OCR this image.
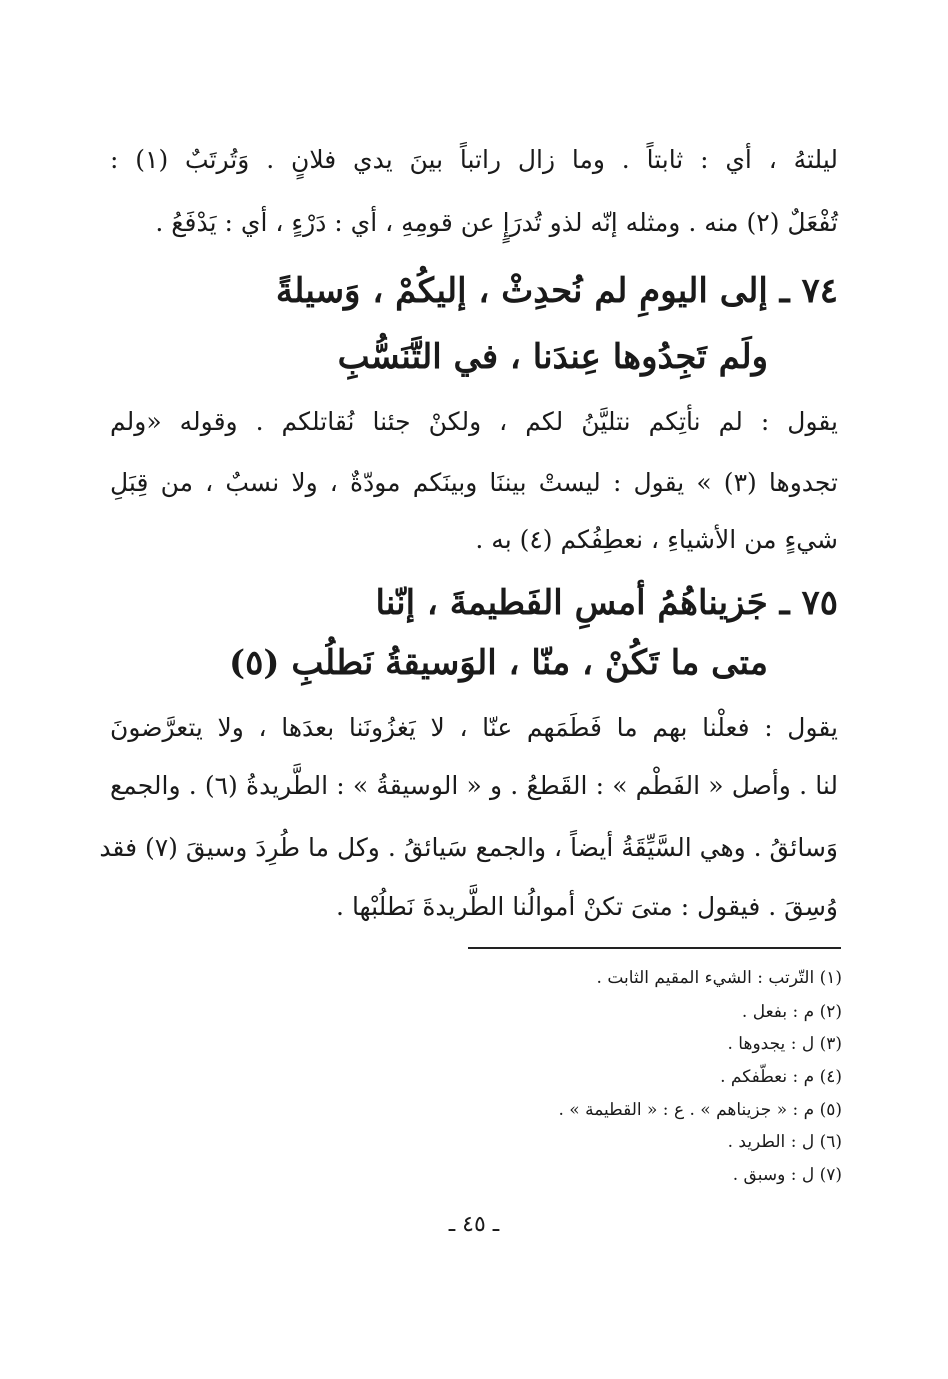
ليلتهُ ، أي : ثابتاً . وما زال راتباً بينَ يدي فلانٍ . وَتُرتَبٌ (١) :
تُفْعَلٌ (٢) منه . ومثله إنّه لذو تُدرَإٍ عن قومِهِ ، أي : دَرْءٍ ، أي : يَدْفَعُ .
٧٤ ـ إلى اليومِ لم نُحدِثْ ، إليكُمْ ، وَسيلةً
ولَم تَجِدُوها عِندَنا ، في التَّنَسُّبِ
يقول : لم نأتِكم نتليَّنُ لكم ، ولكنْ جئنا نُقاتلكم . وقوله «ولم
تجدوها (٣) » يقول : ليستْ بيننَا وبينَكم مودّةٌ ، ولا نسبٌ ، من قِبَلِ
شيءٍ من الأشياءِ ، نعطِفُكم (٤) به .
٧٥ ـ جَزيناهُمُ أمسِ الفَطيمةَ ، إنّنا
متى ما تَكُنْ ، منّا ، الوَسيقةُ نَطلُبِ (٥)
يقول : فعلْنا بهم ما فَطَمَهم عنّا ، لا يَغزُونَنا بعدَها ، ولا يتعرَّضونَ
لنا . وأصل « الفَطْم » : القَطعُ . و « الوسيقةُ » : الطَّريدةُ (٦) . والجمع
وَسائقُ . وهي السَّيِّقَةُ أيضاً ، والجمع سَيائقُ . وكل ما طُرِدَ وسيقَ (٧) فقد
وُسِقَ . فيقول : متىَ تكنْ أموالُنا الطَّريدةَ نَطلُبْها .
(١) التّرتب : الشيء المقيم الثابت .
(٢) م : بفعل .
(٣) ل : يجدوها .
(٤) م : نعطّفكم .
(٥) م : « جزيناهم » . ع : « القطيمة » .
(٦) ل : الطريد .
(٧) ل : وسبق .
ـ ٤٥ ـ
